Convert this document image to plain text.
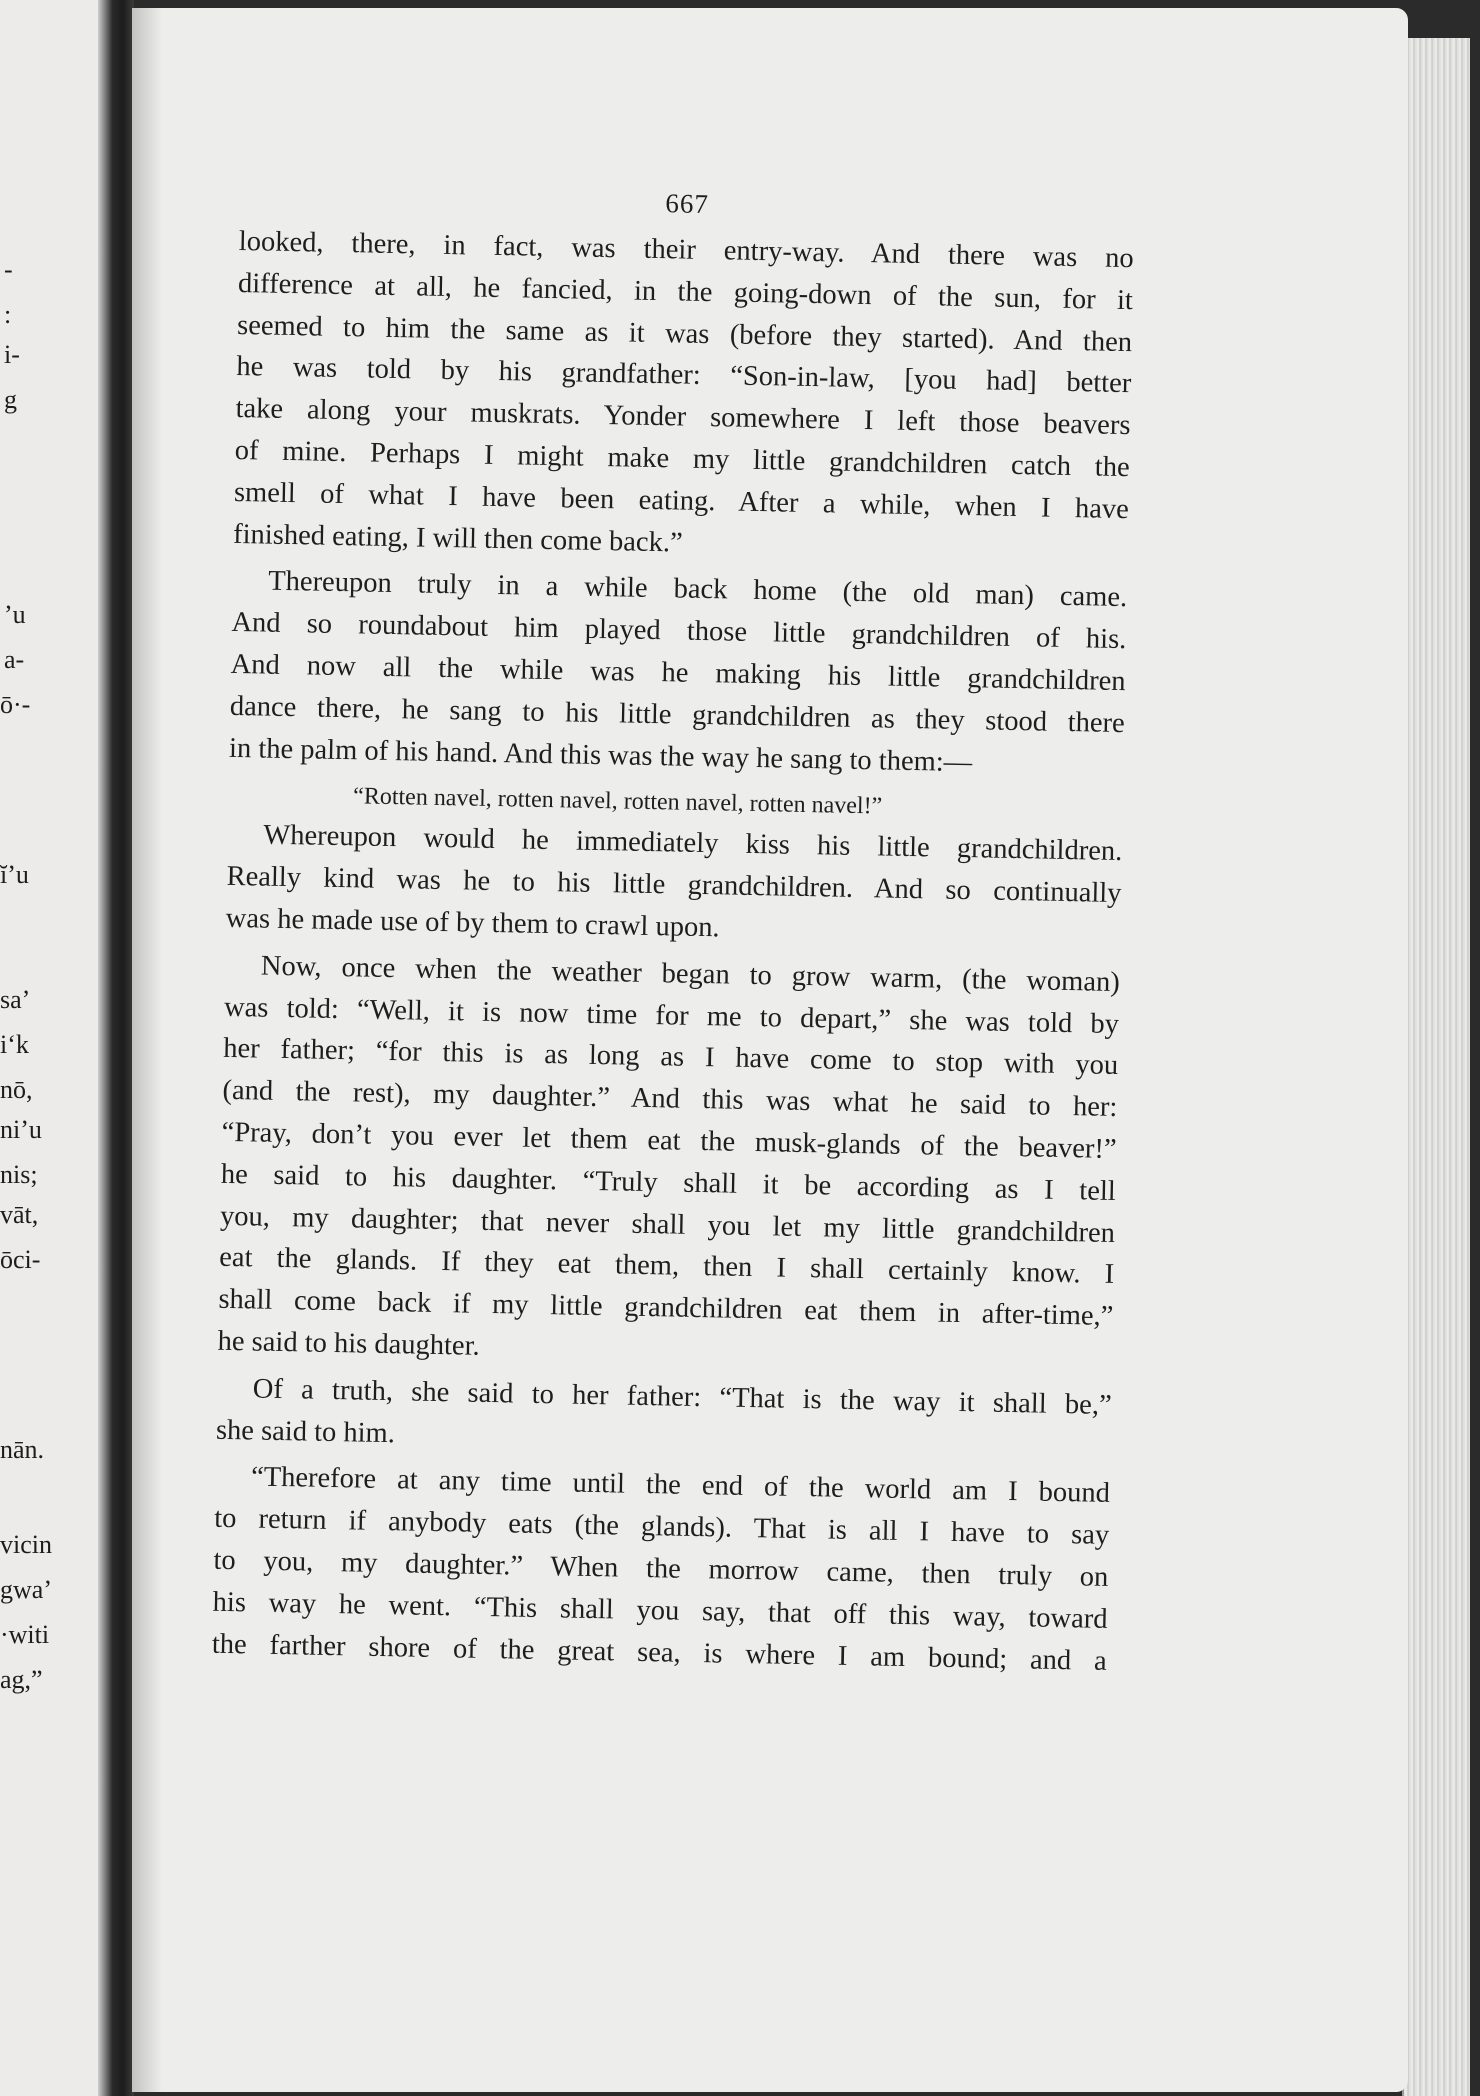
-
:
i-
g
’u
a-
ō·-
ĭ’u
sa’
i‘k
nō,
ni’u
nis;
vāt,
ōci-
nān.
vicin
gwa’
·witi
ag,”
667
looked, there, in fact, was their entry-way. And there was no
difference at all, he fancied, in the going-down of the sun, for it
seemed to him the same as it was (before they started). And then
he was told by his grandfather: “Son-in-law, [you had] better
take along your muskrats. Yonder somewhere I left those beavers
of mine. Perhaps I might make my little grandchildren catch the
smell of what I have been eating. After a while, when I have
finished eating, I will then come back.”
Thereupon truly in a while back home (the old man) came.
And so roundabout him played those little grandchildren of his.
And now all the while was he making his little grandchildren
dance there, he sang to his little grandchildren as they stood there
in the palm of his hand. And this was the way he sang to them:—
“Rotten navel, rotten navel, rotten navel, rotten navel!”
Whereupon would he immediately kiss his little grandchildren.
Really kind was he to his little grandchildren. And so continually
was he made use of by them to crawl upon.
Now, once when the weather began to grow warm, (the woman)
was told: “Well, it is now time for me to depart,” she was told by
her father; “for this is as long as I have come to stop with you
(and the rest), my daughter.” And this was what he said to her:
“Pray, don’t you ever let them eat the musk-glands of the beaver!”
he said to his daughter. “Truly shall it be according as I tell
you, my daughter; that never shall you let my little grandchildren
eat the glands. If they eat them, then I shall certainly know. I
shall come back if my little grandchildren eat them in after-time,”
he said to his daughter.
Of a truth, she said to her father: “That is the way it shall be,”
she said to him.
“Therefore at any time until the end of the world am I bound
to return if anybody eats (the glands). That is all I have to say
to you, my daughter.” When the morrow came, then truly on
his way he went. “This shall you say, that off this way, toward
the farther shore of the great sea, is where I am bound; and a
